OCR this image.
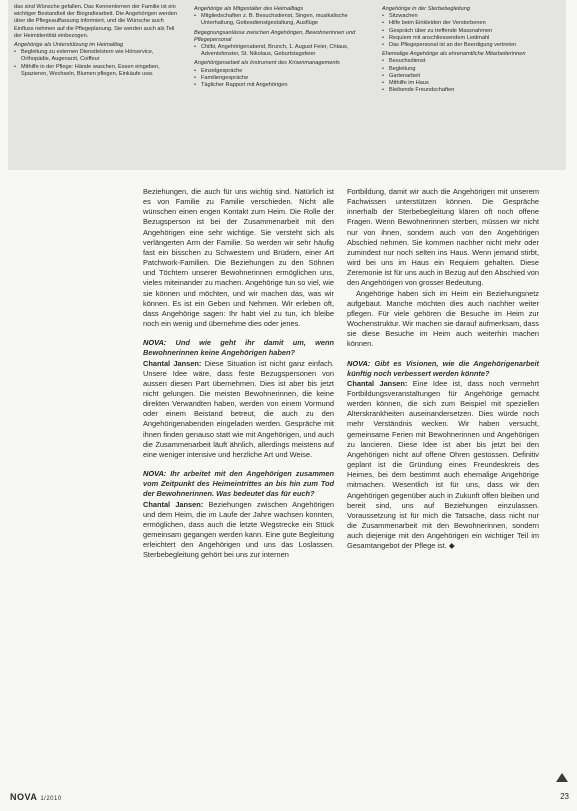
das sind Wünsche gefallen. Das Kennenlernen der Familie ist ein wichtiger Bestandteil der Biografiearbeit. Die Angehörigen werden über die Pflegeauffassung informiert, und die Wünsche auch Einfluss nehmen auf die Pflegeplanung. Sie werden auch als Teil der Heimidentität einbezogen.

Angehörige als Unterstützung im Heimalltag
• Begleitung zu externen Dienstleistern wie Hörservice, Orthopädie, Augenarzt, Coiffeur
• Mithilfe in der Pflege: Hände waschen, Essen eingeben, Spazieren, Wechseln, Blumen pflegen, Einkäufe usw.
Angehörige als Mitgestalter des Heimalltags
• Mitgliedschaften z. B. Besuchsdienst, Singen, musikalische Unterhaltung, Gottesdienstgestaltung, Ausflüge
Begegnungsanlässe zwischen Angehörigen, Bewohnerinnen und Pflegepersonal
• Chilbi, Angehörigenabend, Brunch, 1. August Feier, Chlaus, Adventsfenster, St. Nikolaus, Geburtstagsfeier
Angehörigenarbeit als Instrument des Krisenmanagements
• Einzelgespräche
• Familiengespräche
• Täglicher Rapport mit Angehörigen
Angehörige in der Sterbebegleitung
• Sitzwachen
• Hilfe beim Einkleiden der Verstorbenen
• Gespräch über zu treffende Massnahmen
• Requiem mit anschliessendem Leidmahl
• Das Pflegepersonal ist an der Beerdigung vertreten
Ehemalige Angehörige als ehrenamtliche Mitarbeiterinnen
• Besuchsdienst
• Begleitung
• Gartenarbeit
• Mithilfe im Haus
• Bleibende Freundschaften

Beziehungen, die auch für uns wichtig sind. Natürlich ist es von Familie zu Familie verschieden. Nicht alle wünschen einen engen Kontakt zum Heim. Die Rolle der Bezugsperson ist bei der Zusammenarbeit mit den Angehörigen eine sehr wichtige. Sie versteht sich als verlängerten Arm der Familie. So werden wir sehr häufig fast ein bisschen zu Schwestern und Brüdern, einer Art Patchwork-Familien. Die Beziehungen zu den Söhnen und Töchtern unserer Bewohnerinnen ermöglichen uns, vieles miteinander zu machen. Angehörige tun so viel, wie sie können und möchten, und wir machen das, was wir können. Es ist ein Geben und Nehmen. Wir erleben oft, dass Angehörige sagen: Ihr habt viel zu tun, ich bleibe noch ein wenig und übernehme dies oder jenes.

NOVA: Und wie geht ihr damit um, wenn Bewohnerinnen keine Angehörigen haben?

Chantal Jansen: Diese Situation ist nicht ganz einfach. Unsere Idee wäre, dass feste Bezugspersonen von aussen diesen Part übernehmen. Dies ist aber bis jetzt nicht gelungen. Die meisten Bewohnerinnen, die keine direkten Verwandten haben, werden von einem Vormund oder einem Beistand betreut, die auch zu den Angehörigenabenden eingeladen werden. Gespräche mit ihnen finden genauso statt wie mit Angehörigen, und auch die Zusammenarbeit läuft ähnlich, allerdings meistens auf eine weniger intensive und herzliche Art und Weise.

NOVA: Ihr arbeitet mit den Angehörigen zusammen vom Zeitpunkt des Heimeintrittes an bis hin zum Tod der Bewohnerinnen. Was bedeutet das für euch?

Chantal Jansen: Beziehungen zwischen Angehörigen und dem Heim, die im Laufe der Jahre wachsen konnten, ermöglichen, dass auch die letzte Wegstrecke ein Stück gemeinsam gegangen werden kann. Eine gute Begleitung erleichtert den Angehörigen und uns das Loslassen. Sterbebegleitung gehört bei uns zur internen

Fortbildung, damit wir auch die Angehörigen mit unserem Fachwissen unterstützen können. Die Gespräche innerhalb der Sterbebegleitung klären oft noch offene Fragen. Wenn Bewohnerinnen sterben, müssen wir nicht nur von ihnen, sondern auch von den Angehörigen Abschied nehmen. Sie kommen nachher nicht mehr oder zumindest nur noch selten ins Haus. Wenn jemand stirbt, wird bei uns im Haus ein Requiem gehalten. Diese Zeremonie ist für uns auch in Bezug auf den Abschied von den Angehörigen von grosser Bedeutung.

Angehörige haben sich im Heim ein Beziehungsnetz aufgebaut. Manche möchten dies auch nachher weiter pflegen. Für viele gehören die Besuche im Heim zur Wochenstruktur. Wir machen sie darauf aufmerksam, dass sie diese Besuche im Heim auch weiterhin machen können.

NOVA: Gibt es Visionen, wie die Angehörigenarbeit künftig noch verbessert werden könnte?

Chantal Jansen: Eine Idee ist, dass noch vermehrt Fortbildungsveranstaltungen für Angehörige gemacht werden können, die sich zum Beispiel mit speziellen Alterskrankheiten auseinandersetzen. Dies würde noch mehr Verständnis wecken. Wir haben versucht, gemeinsame Ferien mit Bewohnerinnen und Angehörigen zu lancieren. Diese Idee ist aber bis jetzt bei den Angehörigen nicht auf offene Ohren gestossen. Definitiv geplant ist die Gründung eines Freundeskreis des Heimes, bei dem bestimmt auch ehemalige Angehörige mitmachen. Wesentlich ist für uns, dass wir den Angehörigen gegenüber auch in Zukunft offen bleiben und bereit sind, uns auf Beziehungen einzulassen. Voraussetzung ist für mich die Tatsache, dass nicht nur die Zusammenarbeit mit den Bewohnerinnen, sondern auch diejenige mit den Angehörigen ein wichtiger Teil im Gesamtangebot der Pflege ist. ◆

NOVA 1/2010	23
